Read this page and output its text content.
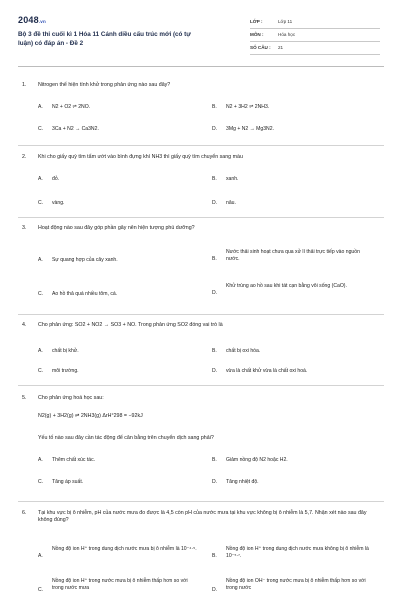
2048.vn
Bộ 3 đề thi cuối kì 1 Hóa 11 Cánh diều cấu trúc mới (có tự
luận) có đáp án - Đề 2
LỚP :	Lớp 11
MÔN :	Hóa học
SỐ CÂU :	21
1. Nitrogen thể hiện tính khử trong phản ứng nào sau đây?
A. N2 + O2 ⇌ 2NO.	B. N2 + 3H2 ⇌ 2NH3.
C. 3Ca + N2 → Ca3N2.	D. 3Mg + N2 → Mg3N2.
2. Khi cho giấy quỳ tím tẩm ướt vào bình đựng khí NH3 thì giấy quỳ tím chuyển sang màu
A. đỏ.	B. xanh.
C. vàng.	D. nâu.
3. Hoạt động nào sau đây góp phần gây nên hiện tượng phú dưỡng?
A. Sự quang hợp của cây xanh.	B.
Nước thải sinh hoạt chưa qua xử lí thải trực tiếp vào nguồn nước.
C. Ao hồ thả quá nhiều tôm, cá.	D.
Khử trùng ao hồ sau khi tát cạn bằng vôi sống (CaO).
4. Cho phản ứng: SO2 + NO2 → SO3 + NO. Trong phản ứng SO2 đóng vai trò là
A. chất bị khử.	B. chất bị oxi hóa.
C. môi trường.	D. vừa là chất khử vừa là chất oxi hoá.
5. Cho phản ứng hoá học sau:
N2(g) + 3H2(g) ⇌ 2NH3(g) ΔrH°298 = −92kJ
Yếu tố nào sau đây cần tác động để cân bằng trên chuyển dịch sang phải?
A. Thêm chất xúc tác.	B. Giảm nồng độ N2 hoặc H2.
C. Tăng áp suất.	D. Tăng nhiệt độ.
6. Tại khu vực bị ô nhiễm, pH của nước mưa đo được là 4,5 còn pH của nước mưa tại khu vực không bị ô nhiễm là 5,7. Nhận xét nào sau đây không đúng?
A.
Nồng độ ion H⁺ trong dung dịch nước mưa bị ô nhiễm là 10⁻⁴·⁵.
B.
Nồng độ ion H⁺ trong dung dịch nước mưa không bị ô nhiễm là 10⁻⁵·⁷.
C.
Nồng độ ion H⁺ trong nước mưa bị ô nhiễm thấp hơn so với trong nước mưa	D.
Nồng độ ion OH⁻ trong nước mưa bị ô nhiễm thấp hơn so với trong nước
